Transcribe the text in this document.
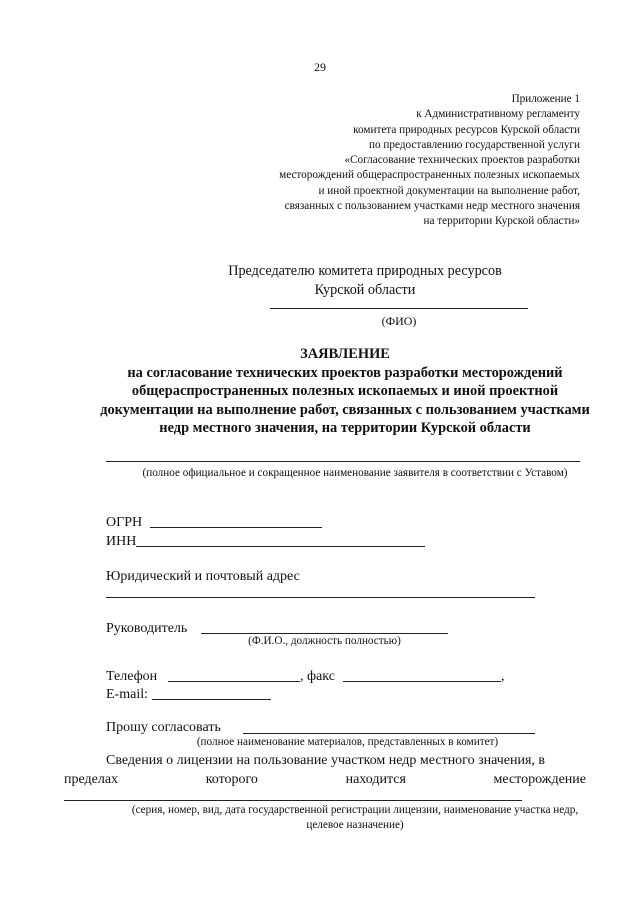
29
Приложение 1
к Административному регламенту
комитета природных ресурсов Курской области
по предоставлению государственной услуги
«Согласование технических проектов разработки
месторождений общераспространенных полезных ископаемых
и иной проектной документации на выполнение работ,
связанных с пользованием участками недр местного значения
на территории Курской области»
Председателю комитета природных ресурсов
Курской области
(ФИО)
ЗАЯВЛЕНИЕ
на согласование технических проектов разработки месторождений
общераспространенных полезных ископаемых и иной проектной
документации на выполнение работ, связанных с пользованием участками
недр местного значения, на территории Курской области
(полное официальное и сокращенное наименование заявителя в соответствии с Уставом)
ОГРН
ИНН
Юридический и почтовый адрес
Руководитель
(Ф.И.О., должность полностью)
Телефон	, факс	,
E-mail:
Прошу согласовать
(полное наименование материалов, представленных в комитет)
Сведения о лицензии на пользование участком недр местного значения, в
пределах	которого	находится	месторождение
(серия, номер, вид, дата государственной регистрации лицензии, наименование участка недр, целевое назначение)
